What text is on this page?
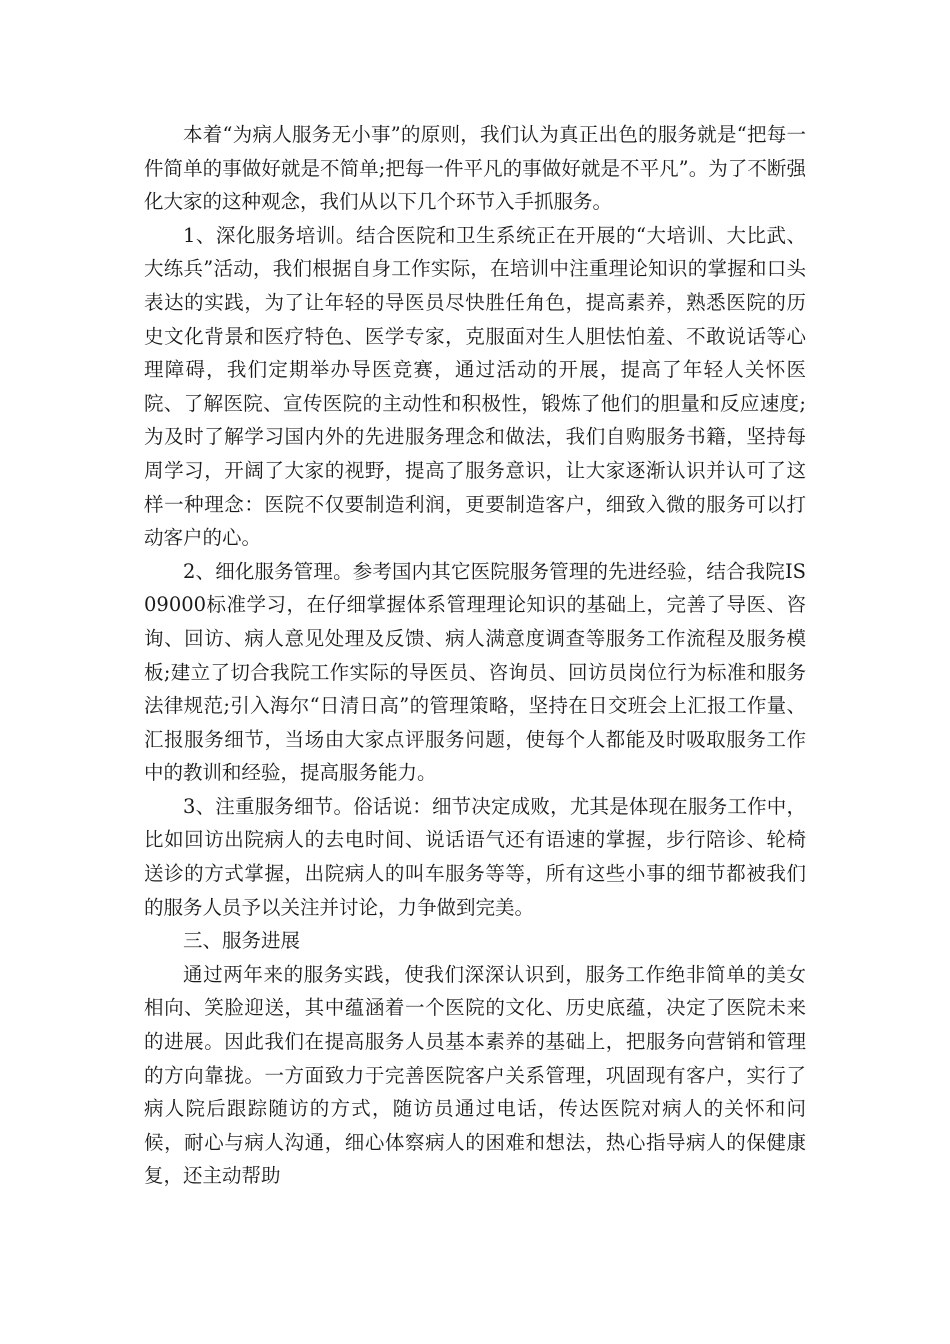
本着“为病人服务无小事”的原则，我们认为真正出色的服务就是“把每一件简单的事做好就是不简单;把每一件平凡的事做好就是不平凡”。为了不断强化大家的这种观念，我们从以下几个环节入手抓服务。

1、深化服务培训。结合医院和卫生系统正在开展的“大培训、大比武、大练兵”活动，我们根据自身工作实际，在培训中注重理论知识的掌握和口头表达的实践，为了让年轻的导医员尽快胜任角色，提高素养，熟悉医院的历史文化背景和医疗特色、医学专家，克服面对生人胆怯怕羞、不敢说话等心理障碍，我们定期举办导医竞赛，通过活动的开展，提高了年轻人关怀医院、了解医院、宣传医院的主动性和积极性，锻炼了他们的胆量和反应速度;为及时了解学习国内外的先进服务理念和做法，我们自购服务书籍，坚持每周学习，开阔了大家的视野，提高了服务意识，让大家逐渐认识并认可了这样一种理念：医院不仅要制造利润，更要制造客户，细致入微的服务可以打动客户的心。

2、细化服务管理。参考国内其它医院服务管理的先进经验，结合我院IS09000标准学习，在仔细掌握体系管理理论知识的基础上，完善了导医、咨询、回访、病人意见处理及反馈、病人满意度调查等服务工作流程及服务模板;建立了切合我院工作实际的导医员、咨询员、回访员岗位行为标准和服务法律规范;引入海尔“日清日高”的管理策略，坚持在日交班会上汇报工作量、汇报服务细节，当场由大家点评服务问题，使每个人都能及时吸取服务工作中的教训和经验，提高服务能力。

3、注重服务细节。俗话说：细节决定成败，尤其是体现在服务工作中，比如回访出院病人的去电时间、说话语气还有语速的掌握，步行陪诊、轮椅送诊的方式掌握，出院病人的叫车服务等等，所有这些小事的细节都被我们的服务人员予以关注并讨论，力争做到完美。

三、服务进展

通过两年来的服务实践，使我们深深认识到，服务工作绝非简单的美女相向、笑脸迎送，其中蕴涵着一个医院的文化、历史底蕴，决定了医院未来的进展。因此我们在提高服务人员基本素养的基础上，把服务向营销和管理的方向靠拢。一方面致力于完善医院客户关系管理，巩固现有客户，实行了病人院后跟踪随访的方式，随访员通过电话，传达医院对病人的关怀和问候，耐心与病人沟通，细心体察病人的困难和想法，热心指导病人的保健康复，还主动帮助
